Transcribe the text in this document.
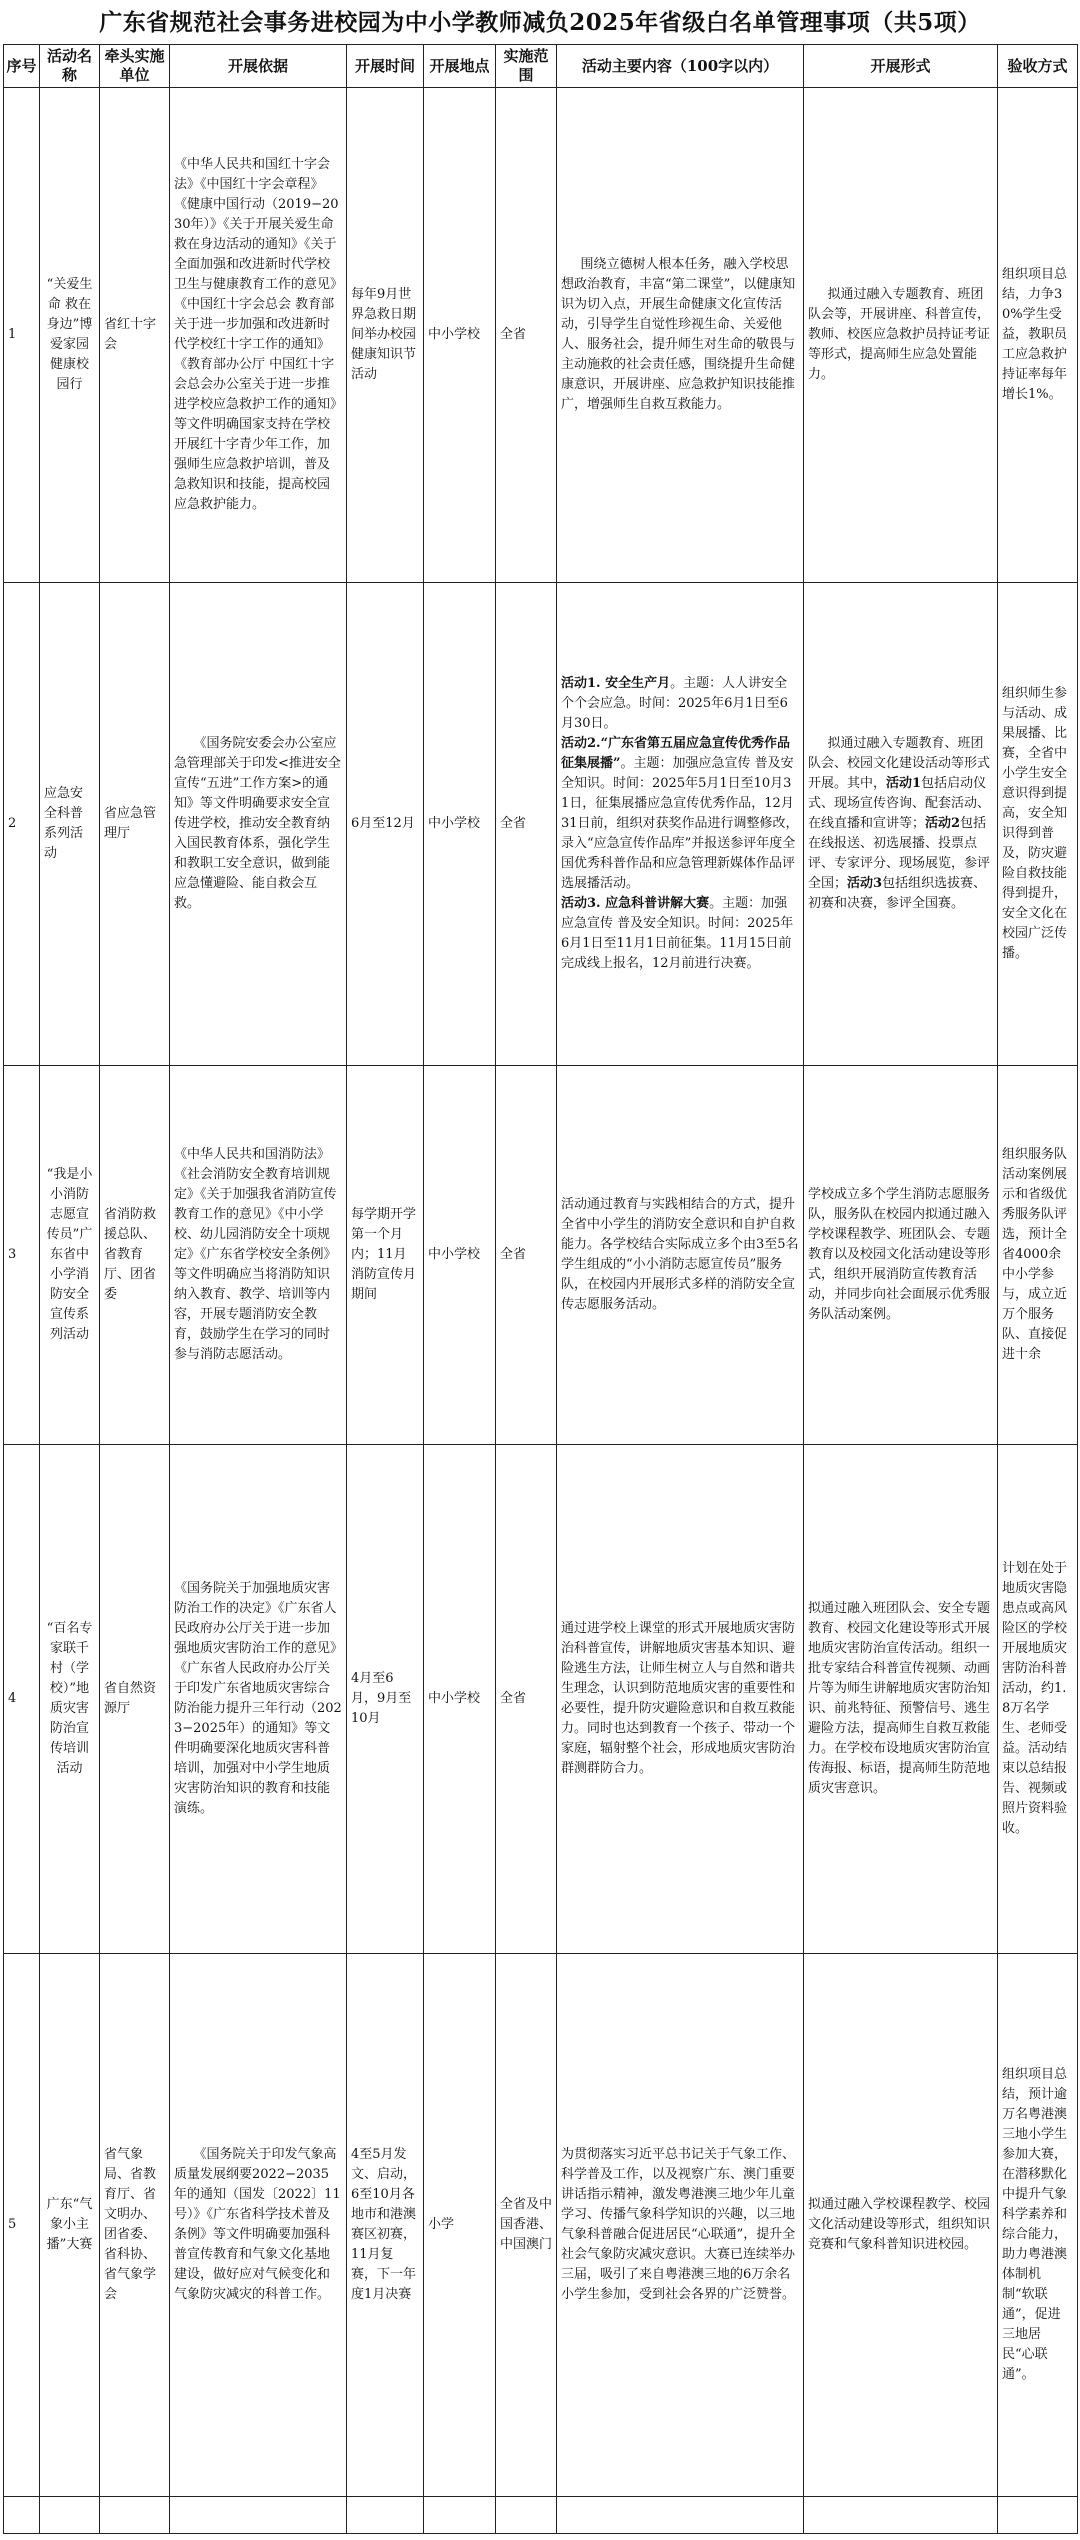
广东省规范社会事务进校园为中小学教师减负2025年省级白名单管理事项（共5项）
序号	活动名称	牵头实施单位	开展依据	开展时间	开展地点	实施范围	活动主要内容（100字以内）	开展形式	验收方式
1	“关爱生命 救在身边”博爱家园健康校园行	省红十字会	《中华人民共和国红十字会法》《中国红十字会章程》《健康中国行动（2019−2030年）》《关于开展关爱生命救在身边活动的通知》《关于全面加强和改进新时代学校卫生与健康教育工作的意见》《中国红十字会总会 教育部关于进一步加强和改进新时代学校红十字工作的通知》《教育部办公厅 中国红十字会总会办公室关于进一步推进学校应急救护工作的通知》等文件明确国家支持在学校开展红十字青少年工作，加强师生应急救护培训，普及急救知识和技能，提高校园应急救护能力。	每年9月世界急救日期间举办校园健康知识节活动	中小学校	全省	围绕立德树人根本任务，融入学校思想政治教育，丰富“第二课堂”，以健康知识为切入点，开展生命健康文化宣传活动，引导学生自觉性珍视生命、关爱他人、服务社会，提升师生对生命的敬畏与主动施救的社会责任感，围绕提升生命健康意识，开展讲座、应急救护知识技能推广，增强师生自救互救能力。	拟通过融入专题教育、班团队会等，开展讲座、科普宣传，教师、校医应急救护员持证考证等形式，提高师生应急处置能力。	组织项目总结，力争30%学生受益，教职员工应急救护持证率每年增长1%。
2	应急安全科普系列活动	省应急管理厅	《国务院安委会办公室应急管理部关于印发<推进安全宣传“五进”工作方案>的通知》等文件明确要求安全宣传进学校，推动安全教育纳入国民教育体系，强化学生和教职工安全意识，做到能应急懂避险、能自救会互救。	6月至12月	中小学校	全省	活动1. 安全生产月。主题：人人讲安全 个个会应急。时间：2025年6月1日至6月30日。
活动2.“广东省第五届应急宣传优秀作品征集展播”。主题：加强应急宣传 普及安全知识。时间：2025年5月1日至10月31日，征集展播应急宣传优秀作品，12月31日前，组织对获奖作品进行调整修改，录入“应急宣传作品库”并报送参评年度全国优秀科普作品和应急管理新媒体作品评选展播活动。
活动3. 应急科普讲解大赛。主题：加强应急宣传 普及安全知识。时间：2025年6月1日至11月1日前征集。11月15日前完成线上报名，12月前进行决赛。	拟通过融入专题教育、班团队会、校园文化建设活动等形式开展。其中，活动1包括启动仪式、现场宣传咨询、配套活动、在线直播和宣讲等；活动2包括在线报送、初选展播、投票点评、专家评分、现场展览，参评全国；活动3包括组织选拔赛、初赛和决赛，参评全国赛。	组织师生参与活动、成果展播、比赛，全省中小学生安全意识得到提高，安全知识得到普及，防灾避险自救技能得到提升，安全文化在校园广泛传播。
3	“我是小小消防志愿宣传员”广东省中小学消防安全宣传系列活动	省消防救援总队、省教育厅、团省委	《中华人民共和国消防法》《社会消防安全教育培训规定》《关于加强我省消防宣传教育工作的意见》《中小学校、幼儿园消防安全十项规定》《广东省学校安全条例》等文件明确应当将消防知识纳入教育、教学、培训等内容，开展专题消防安全教育，鼓励学生在学习的同时参与消防志愿活动。	每学期开学第一个月内；11月消防宣传月期间	中小学校	全省	活动通过教育与实践相结合的方式，提升全省中小学生的消防安全意识和自护自救能力。各学校结合实际成立多个由3至5名学生组成的“小小消防志愿宣传员”服务队，在校园内开展形式多样的消防安全宣传志愿服务活动。	学校成立多个学生消防志愿服务队，服务队在校园内拟通过融入学校课程教学、班团队会、专题教育以及校园文化活动建设等形式，组织开展消防宣传教育活动，并同步向社会面展示优秀服务队活动案例。	组织服务队活动案例展示和省级优秀服务队评选，预计全省4000余中小学参与，成立近万个服务队、直接促进十余
4	“百名专家联千村（学校）”地质灾害防治宣传培训活动	省自然资源厅	《国务院关于加强地质灾害防治工作的决定》《广东省人民政府办公厅关于进一步加强地质灾害防治工作的意见》《广东省人民政府办公厅关于印发广东省地质灾害综合防治能力提升三年行动（2023−2025年）的通知》等文件明确要深化地质灾害科普培训，加强对中小学生地质灾害防治知识的教育和技能演练。	4月至6月，9月至10月	中小学校	全省	通过进学校上课堂的形式开展地质灾害防治科普宣传，讲解地质灾害基本知识、避险逃生方法，让师生树立人与自然和谐共生理念，认识到防范地质灾害的重要性和必要性，提升防灾避险意识和自救互救能力。同时也达到教育一个孩子、带动一个家庭，辐射整个社会，形成地质灾害防治群测群防合力。	拟通过融入班团队会、安全专题教育、校园文化建设等形式开展地质灾害防治宣传活动。组织一批专家结合科普宣传视频、动画片等为师生讲解地质灾害防治知识、前兆特征、预警信号、逃生避险方法，提高师生自救互救能力。在学校布设地质灾害防治宣传海报、标语，提高师生防范地质灾害意识。	计划在处于地质灾害隐患点或高风险区的学校开展地质灾害防治科普活动，约1.8万名学生、老师受益。活动结束以总结报告、视频或照片资料验收。
5	广东“气象小主播”大赛	省气象局、省教育厅、省文明办、团省委、省科协、省气象学会	《国务院关于印发气象高质量发展纲要2022−2035年的通知（国发〔2022〕11号）》《广东省科学技术普及条例》等文件明确要加强科普宣传教育和气象文化基地建设，做好应对气候变化和气象防灾减灾的科普工作。	4至5月发文、启动，6至10月各地市和港澳赛区初赛，11月复赛，下一年度1月决赛	小学	全省及中国香港、中国澳门	为贯彻落实习近平总书记关于气象工作、科学普及工作，以及视察广东、澳门重要讲话指示精神，激发粤港澳三地少年儿童学习、传播气象科学知识的兴趣，以三地气象科普融合促进居民“心联通”，提升全社会气象防灾减灾意识。大赛已连续举办三届，吸引了来自粤港澳三地的6万余名小学生参加，受到社会各界的广泛赞誉。	拟通过融入学校课程教学、校园文化活动建设等形式，组织知识竞赛和气象科普知识进校园。	组织项目总结，预计逾万名粤港澳三地小学生参加大赛，在潜移默化中提升气象科学素养和综合能力，助力粤港澳体制机制“软联通”，促进三地居民“心联通”。
